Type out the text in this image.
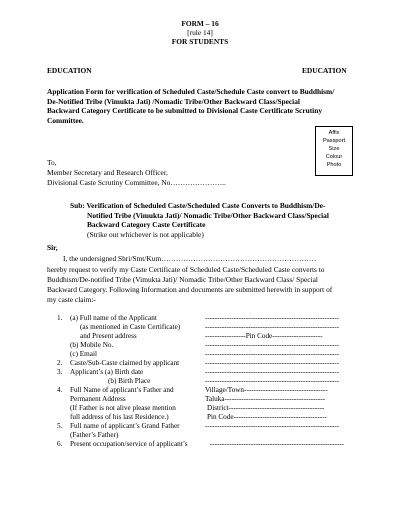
FORM – 16
[rule 14]
FOR STUDENTS
EDUCATION	EDUCATION
Application Form for verification of Scheduled Caste/Schedule Caste convert to Buddhism/
De-Notified Tribe (Vimukta Jati) /Nomadic Tribe/Other Backward Class/Special
Backward Category Certificate to be submitted to Divisional Caste Certificate Scrutiny
Committee.
Affix
Passport
Size
Colour
Photo
To,
Member Secretary and Research Officer,
Divisional Caste Scrutiny Committee, No…………………..
Sub: Verification of Scheduled Caste/Scheduled Caste Converts to Buddhism/De-
Notified Tribe (Vimukta Jati)/ Nomadic Tribe/Other Backward Class/Special
Backward Category Caste Certificate
(Strike out whichever is not applicable)
Sir,
I, the undersigned Shri/Smt/Kum………………………………………………………
hereby request to verify my Caste Certificate of Scheduled Caste/Scheduled Caste converts to
Buddhism/De-notified Tribe (Vimukta Jati)/ Nomadic Tribe/Other Backward Class/ Special
Backward Category. Following Information and documents are submitted herewith in support of
my caste claim:-
1. (a) Full name of the Applicant	--------------------------------------------------------
(as mentioned in Caste Certificate)	--------------------------------------------------------
and Present address	-----------------Pin Code---------------------
(b) Mobile No.	--------------------------------------------------------
(c) Email	--------------------------------------------------------
2. Caste/Sub-Caste claimed by applicant	--------------------------------------------------------
3. Applicant’s (a) Birth date	--------------------------------------------------------
(b) Birth Place	--------------------------------------------------------
4. Full Name of applicant’s Father and	Village/Town-----------------------------------
Permanent Address	Taluka------------------------------------------
(If Father is not alive please mention	District----------------------------------------
full address of his last Residence.)	Pin Code---------------------------------------
5. Full name of applicant’s Grand Father	--------------------------------------------------------
(Father’s Father)
6. Present occupation/service of applicant’s	--------------------------------------------------------
